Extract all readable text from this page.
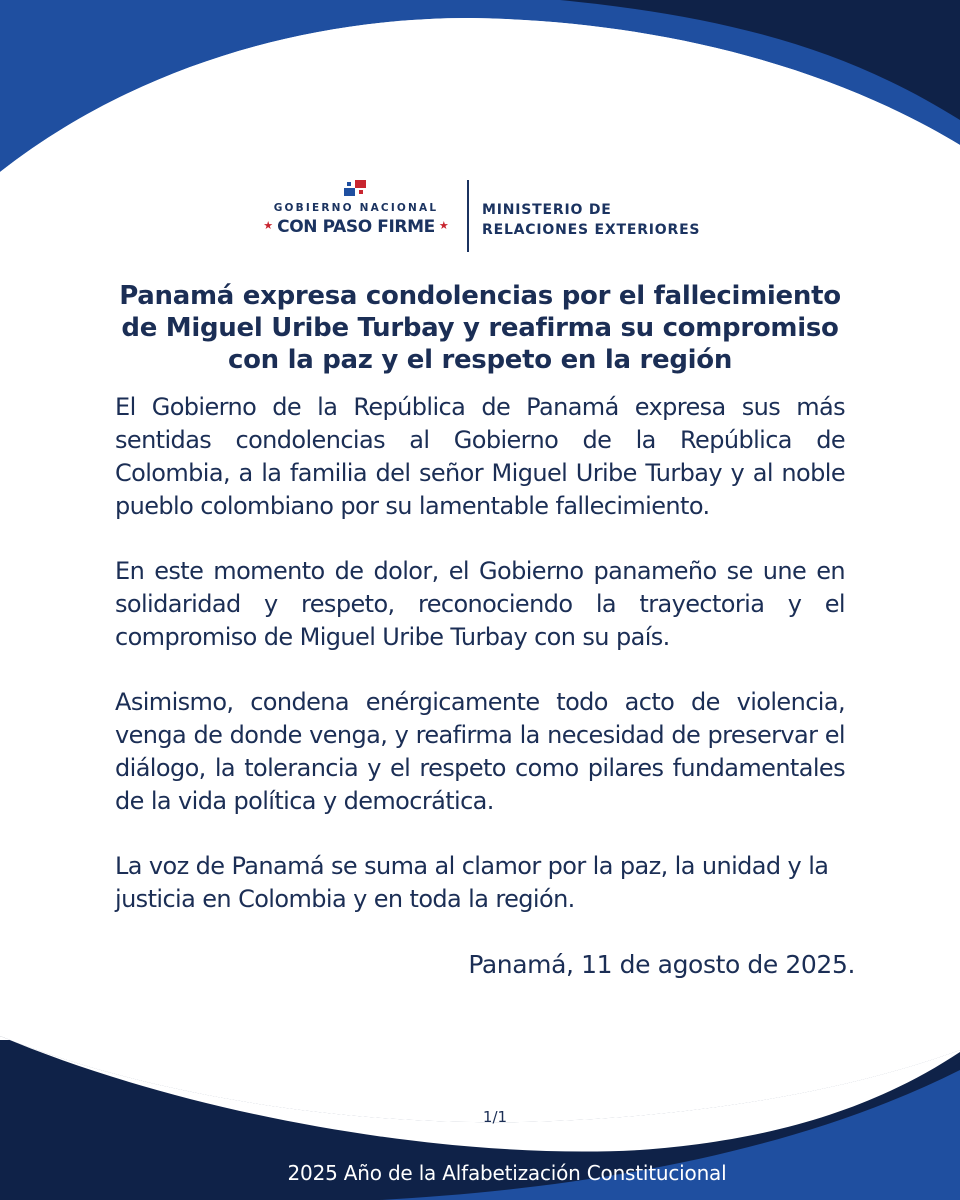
GOBIERNO NACIONAL
★ CON PASO FIRME ★
MINISTERIO DE
RELACIONES EXTERIORES
Panamá expresa condolencias por el fallecimiento de Miguel Uribe Turbay y reafirma su compromiso con la paz y el respeto en la región

El Gobierno de la República de Panamá expresa sus más sentidas condolencias al Gobierno de la República de Colombia, a la familia del señor Miguel Uribe Turbay y al noble pueblo colombiano por su lamentable fallecimiento.

En este momento de dolor, el Gobierno panameño se une en solidaridad y respeto, reconociendo la trayectoria y el compromiso de Miguel Uribe Turbay con su país.

Asimismo, condena enérgicamente todo acto de violencia, venga de donde venga, y reafirma la necesidad de preservar el diálogo, la tolerancia y el respeto como pilares fundamentales de la vida política y democrática.

La voz de Panamá se suma al clamor por la paz, la unidad y la justicia en Colombia y en toda la región.

Panamá, 11 de agosto de 2025.
1/1
2025 Año de la Alfabetización Constitucional
